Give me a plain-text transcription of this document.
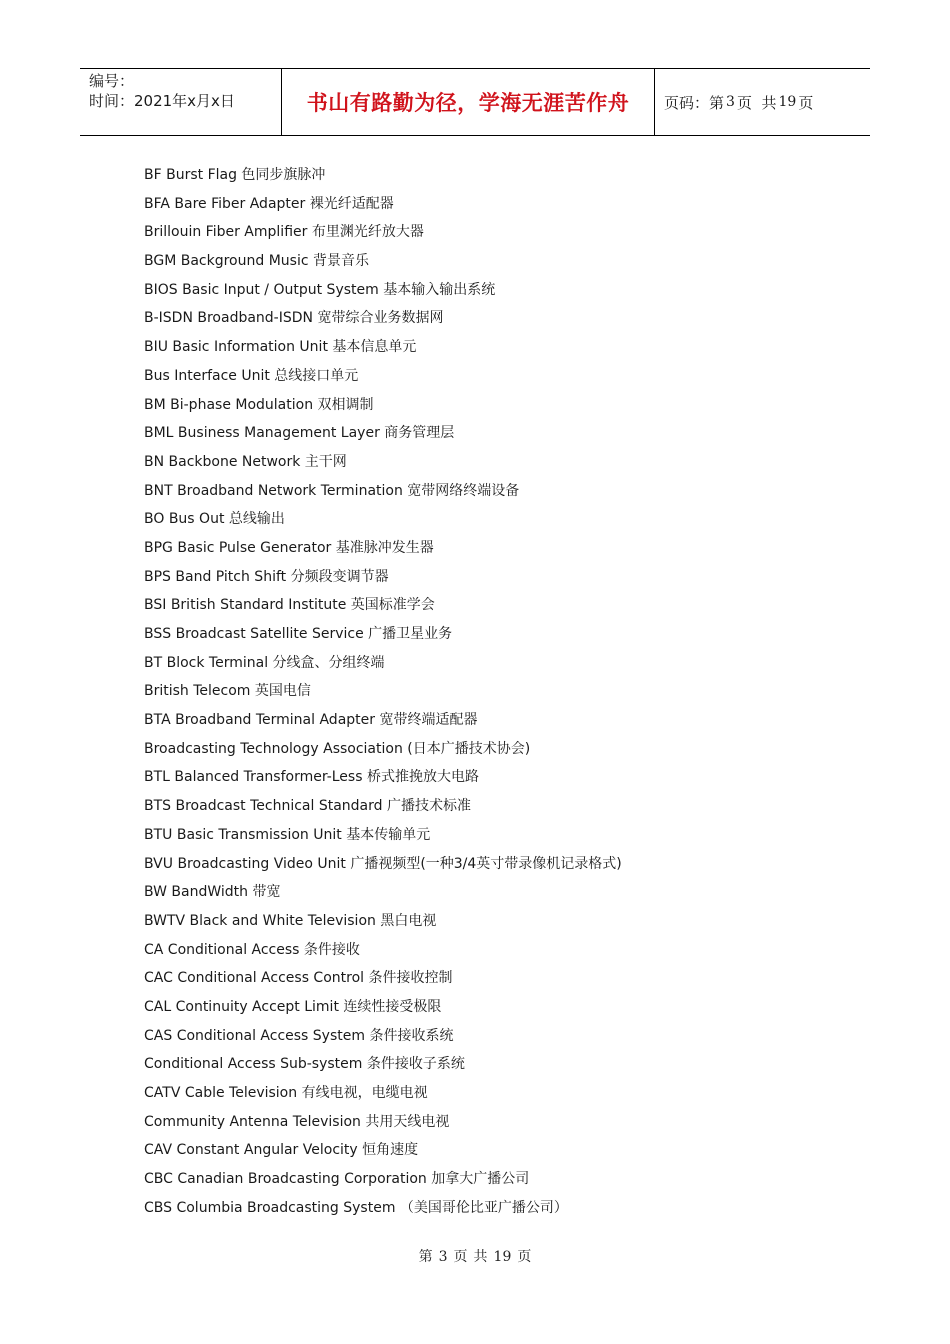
编号：
时间：2021年x月x日	书山有路勤为径，学海无涯苦作舟	页码：第 3 页  共 19 页
BF Burst Flag 色同步旗脉冲
BFA Bare Fiber Adapter 裸光纤适配器
Brillouin Fiber Amplifier 布里渊光纤放大器
BGM Background Music 背景音乐
BIOS Basic Input / Output System 基本输入输出系统
B-ISDN Broadband-ISDN 宽带综合业务数据网
BIU Basic Information Unit 基本信息单元
Bus Interface Unit 总线接口单元
BM Bi-phase Modulation 双相调制
BML Business Management Layer 商务管理层
BN Backbone Network 主干网
BNT Broadband Network Termination 宽带网络终端设备
BO Bus Out 总线输出
BPG Basic Pulse Generator 基准脉冲发生器
BPS Band Pitch Shift 分频段变调节器
BSI British Standard Institute 英国标准学会
BSS Broadcast Satellite Service 广播卫星业务
BT Block Terminal 分线盒、分组终端
British Telecom 英国电信
BTA Broadband Terminal Adapter 宽带终端适配器
Broadcasting Technology Association (日本广播技术协会)
BTL Balanced Transformer-Less 桥式推挽放大电路
BTS Broadcast Technical Standard 广播技术标准
BTU Basic Transmission Unit 基本传输单元
BVU Broadcasting Video Unit 广播视频型(一种3/4英寸带录像机记录格式)
BW BandWidth 带宽
BWTV Black and White Television 黑白电视
CA Conditional Access 条件接收
CAC Conditional Access Control 条件接收控制
CAL Continuity Accept Limit 连续性接受极限
CAS Conditional Access System 条件接收系统
Conditional Access Sub-system 条件接收子系统
CATV Cable Television 有线电视，电缆电视
Community Antenna Television 共用天线电视
CAV Constant Angular Velocity 恒角速度
CBC Canadian Broadcasting Corporation 加拿大广播公司
CBS Columbia Broadcasting System （美国哥伦比亚广播公司）
第 3 页 共 19 页
